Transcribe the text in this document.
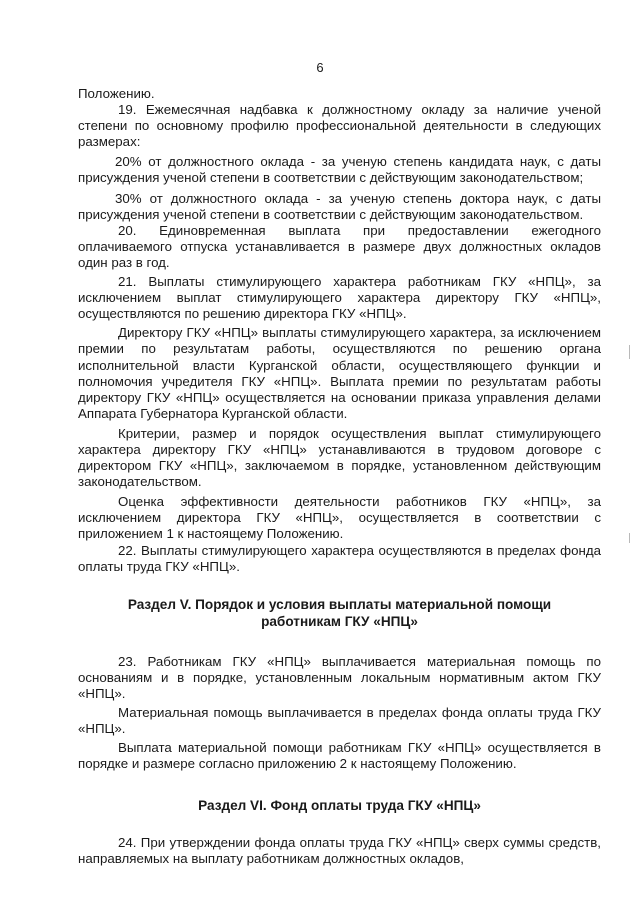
6

Положению.

19. Ежемесячная надбавка к должностному окладу за наличие ученой степени по основному профилю профессиональной деятельности в следующих размерах:

20% от должностного оклада - за ученую степень кандидата наук, с даты присуждения ученой степени в соответствии с действующим законодательством;

30% от должностного оклада - за ученую степень доктора наук, с даты присуждения ученой степени в соответствии с действующим законодательством.

20. Единовременная выплата при предоставлении ежегодного оплачиваемого отпуска устанавливается в размере двух должностных окладов один раз в год.

21. Выплаты стимулирующего характера работникам ГКУ «НПЦ», за исключением выплат стимулирующего характера директору ГКУ «НПЦ», осуществляются по решению директора ГКУ «НПЦ».

Директору ГКУ «НПЦ» выплаты стимулирующего характера, за исключением премии по результатам работы, осуществляются по решению органа исполнительной власти Курганской области, осуществляющего функции и полномочия учредителя ГКУ «НПЦ». Выплата премии по результатам работы директору ГКУ «НПЦ» осуществляется на основании приказа управления делами Аппарата Губернатора Курганской области.

Критерии, размер и порядок осуществления выплат стимулирующего характера директору ГКУ «НПЦ» устанавливаются в трудовом договоре с директором ГКУ «НПЦ», заключаемом в порядке, установленном действующим законодательством.

Оценка эффективности деятельности работников ГКУ «НПЦ», за исключением директора ГКУ «НПЦ», осуществляется в соответствии с приложением 1 к настоящему Положению.

22. Выплаты стимулирующего характера осуществляются в пределах фонда оплаты труда ГКУ «НПЦ».

Раздел V. Порядок и условия выплаты материальной помощи

работникам ГКУ «НПЦ»

23. Работникам ГКУ «НПЦ» выплачивается материальная помощь по основаниям и в порядке, установленным локальным нормативным актом ГКУ «НПЦ».

Материальная помощь выплачивается в пределах фонда оплаты труда ГКУ «НПЦ».

Выплата материальной помощи работникам ГКУ «НПЦ» осуществляется в порядке и размере согласно приложению 2 к настоящему Положению.

Раздел VI. Фонд оплаты труда ГКУ «НПЦ»

24. При утверждении фонда оплаты труда ГКУ «НПЦ» сверх суммы средств, направляемых на выплату работникам должностных окладов,
